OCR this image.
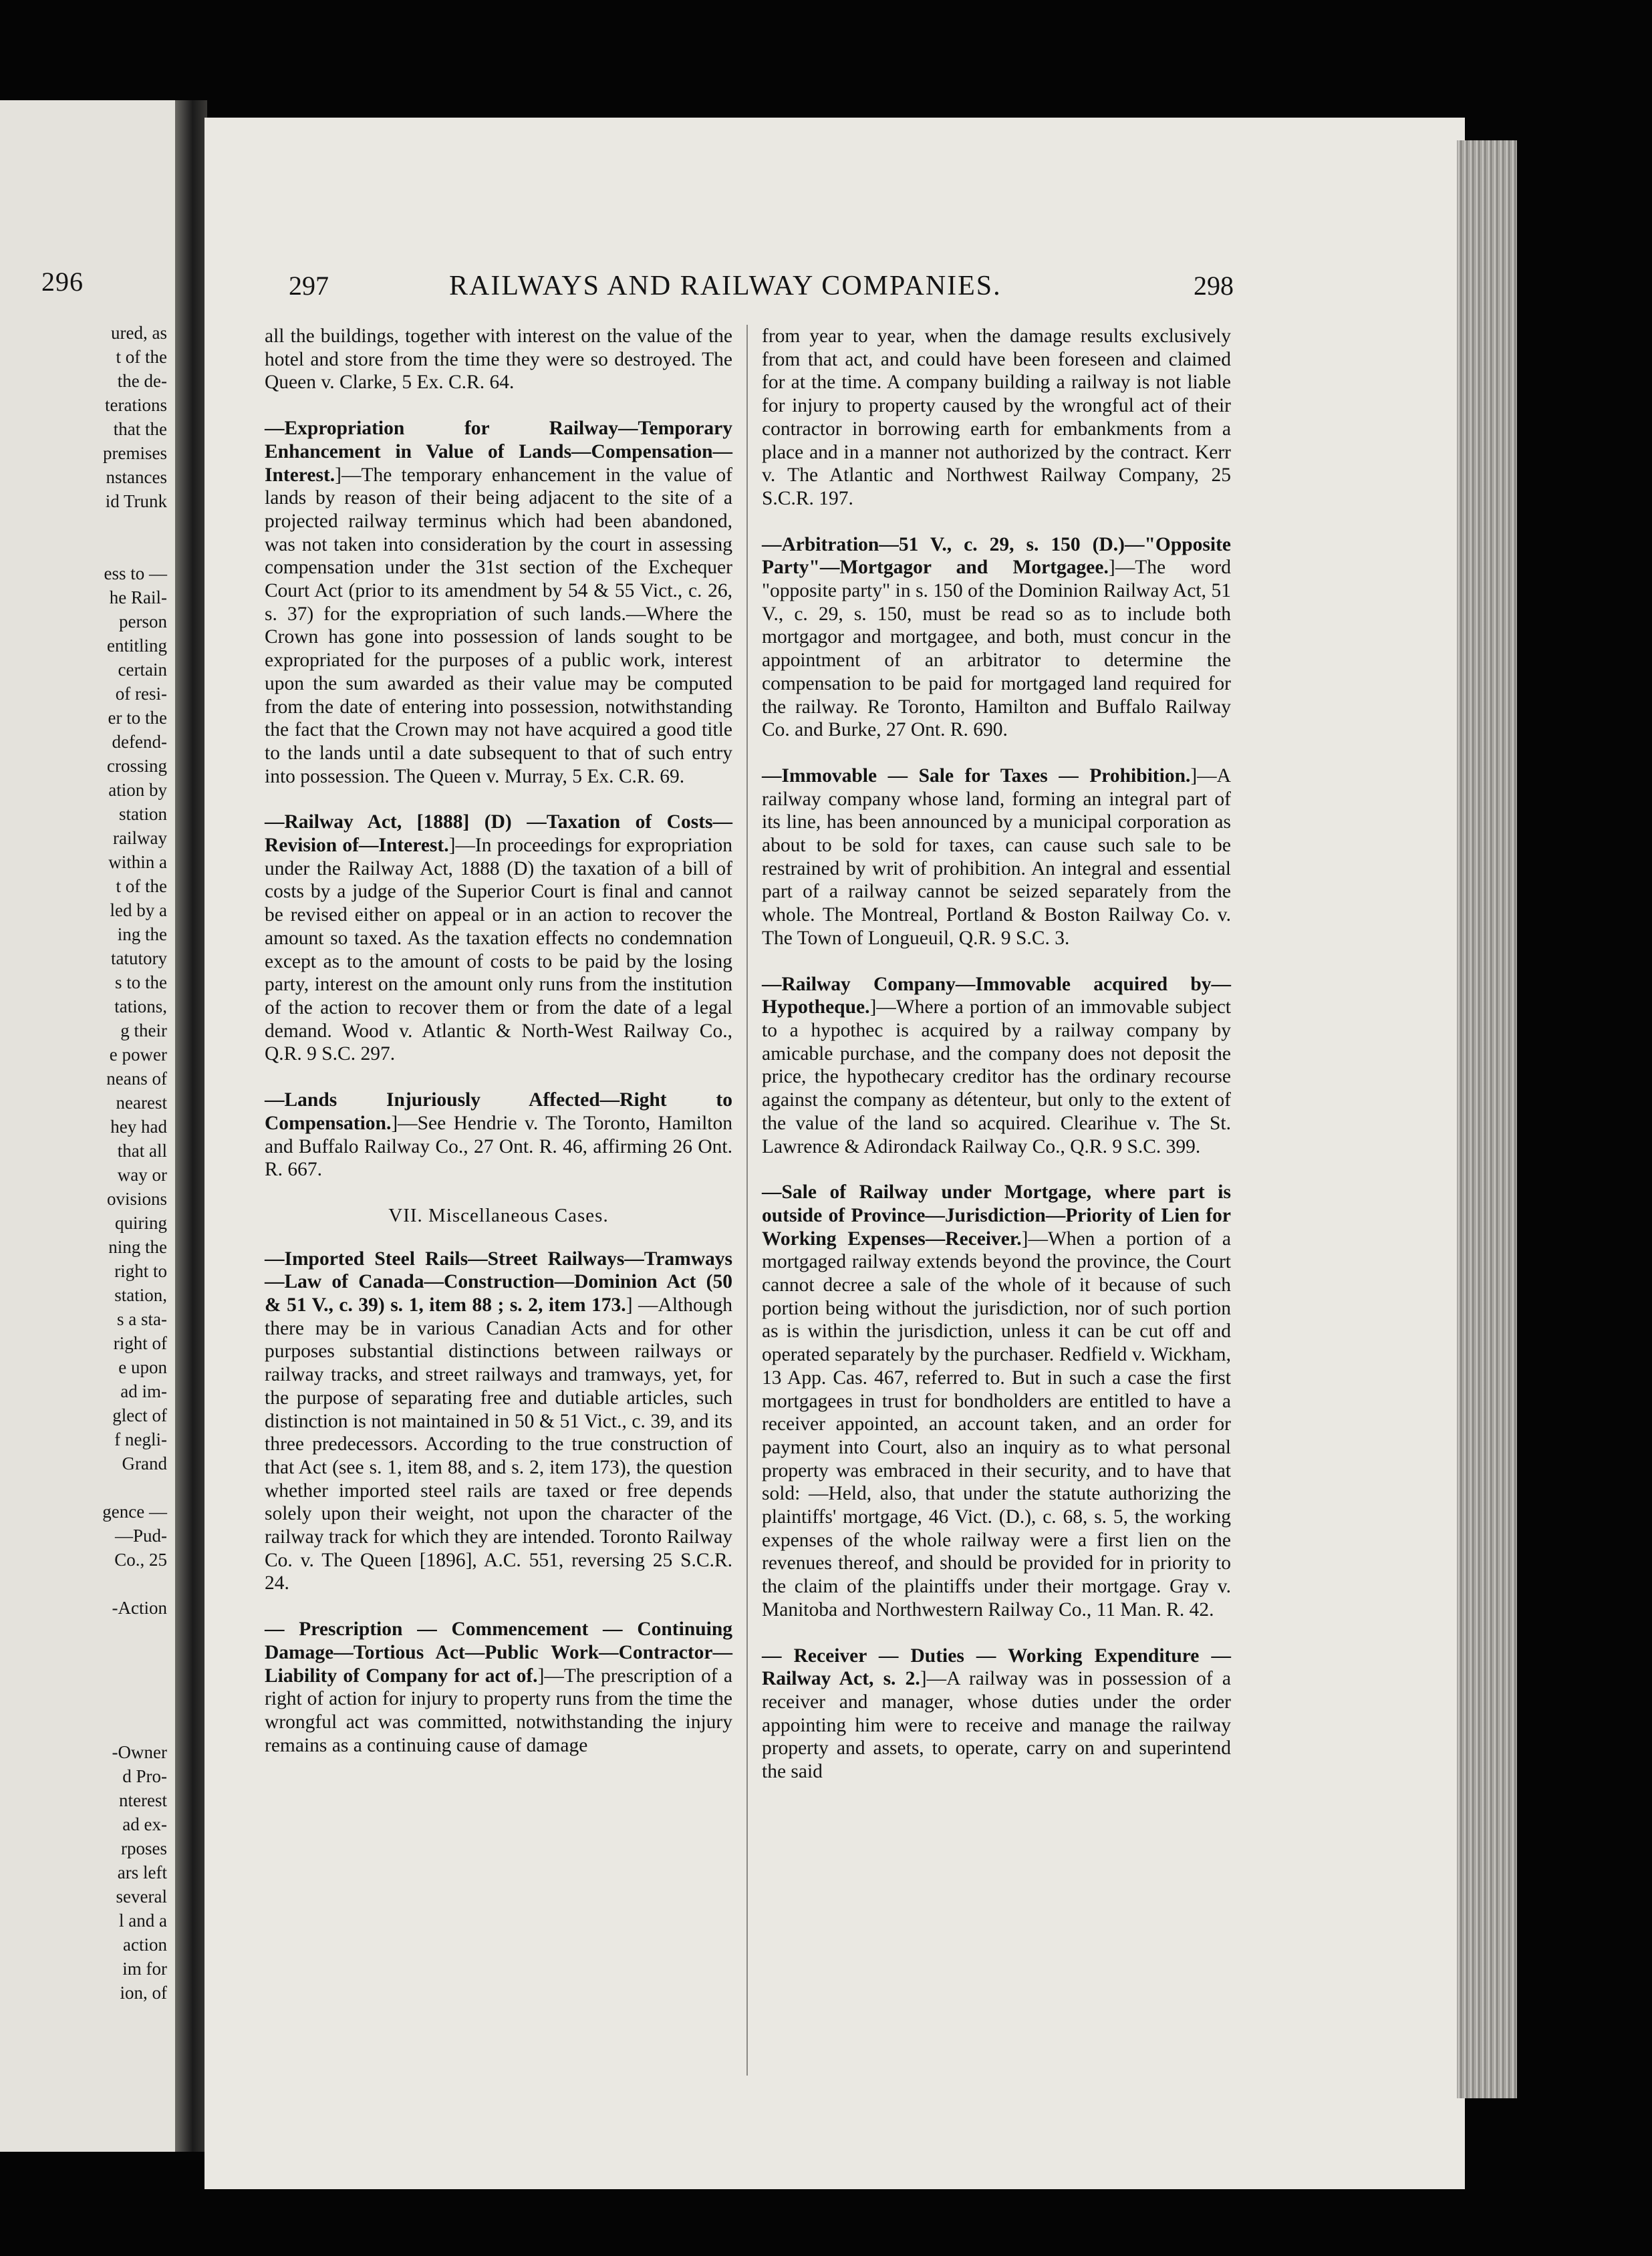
296
ured, as
t of the
the de-
terations
that the
premises
nstances
id Trunk
ess to —
he Rail-
person
entitling
certain
of resi-
er to the
defend-
crossing
ation by
station
railway
within a
t of the
led by a
ing the
tatutory
s to the
tations,
g their
e power
neans of
nearest
hey had
that all
way or
ovisions
quiring
ning the
right to
station,
s a sta-
right of
e upon
ad im-
glect of
f negli-
Grand
gence —
—Pud-
Co., 25
-Action
-Owner
d Pro-
nterest
ad ex-
rposes
ars left
several
l and a
action
im for
ion, of
297	RAILWAYS AND RAILWAY COMPANIES.	298

all the buildings, together with interest on the value of the hotel and store from the time they were so destroyed. The Queen v. Clarke, 5 Ex. C.R. 64.

—Expropriation for Railway—Temporary Enhancement in Value of Lands—Compensation—Interest.]—The temporary enhancement in the value of lands by reason of their being adjacent to the site of a projected railway terminus which had been abandoned, was not taken into consideration by the court in assessing compensation under the 31st section of the Exchequer Court Act (prior to its amendment by 54 & 55 Vict., c. 26, s. 37) for the expropriation of such lands.—Where the Crown has gone into possession of lands sought to be expropriated for the purposes of a public work, interest upon the sum awarded as their value may be computed from the date of entering into possession, notwithstanding the fact that the Crown may not have acquired a good title to the lands until a date subsequent to that of such entry into possession. The Queen v. Murray, 5 Ex. C.R. 69.

—Railway Act, [1888] (D) —Taxation of Costs—Revision of—Interest.]—In proceedings for expropriation under the Railway Act, 1888 (D) the taxation of a bill of costs by a judge of the Superior Court is final and cannot be revised either on appeal or in an action to recover the amount so taxed. As the taxation effects no condemnation except as to the amount of costs to be paid by the losing party, interest on the amount only runs from the institution of the action to recover them or from the date of a legal demand. Wood v. Atlantic & North-West Railway Co., Q.R. 9 S.C. 297.

—Lands Injuriously Affected—Right to Compensation.]—See Hendrie v. The Toronto, Hamilton and Buffalo Railway Co., 27 Ont. R. 46, affirming 26 Ont. R. 667.

VII. Miscellaneous Cases.

—Imported Steel Rails—Street Railways—Tramways—Law of Canada—Construction—Dominion Act (50 & 51 V., c. 39) s. 1, item 88 ; s. 2, item 173.] —Although there may be in various Canadian Acts and for other purposes substantial distinctions between railways or railway tracks, and street railways and tramways, yet, for the purpose of separating free and dutiable articles, such distinction is not maintained in 50 & 51 Vict., c. 39, and its three predecessors. According to the true construction of that Act (see s. 1, item 88, and s. 2, item 173), the question whether imported steel rails are taxed or free depends solely upon their weight, not upon the character of the railway track for which they are intended. Toronto Railway Co. v. The Queen [1896], A.C. 551, reversing 25 S.C.R. 24.

— Prescription — Commencement — Continuing Damage—Tortious Act—Public Work—Contractor—Liability of Company for act of.]—The prescription of a right of action for injury to property runs from the time the wrongful act was committed, notwithstanding the injury remains as a continuing cause of damage

from year to year, when the damage results exclusively from that act, and could have been foreseen and claimed for at the time. A company building a railway is not liable for injury to property caused by the wrongful act of their contractor in borrowing earth for embankments from a place and in a manner not authorized by the contract. Kerr v. The Atlantic and Northwest Railway Company, 25 S.C.R. 197.

—Arbitration—51 V., c. 29, s. 150 (D.)—"Opposite Party"—Mortgagor and Mortgagee.]—The word "opposite party" in s. 150 of the Dominion Railway Act, 51 V., c. 29, s. 150, must be read so as to include both mortgagor and mortgagee, and both, must concur in the appointment of an arbitrator to determine the compensation to be paid for mortgaged land required for the railway. Re Toronto, Hamilton and Buffalo Railway Co. and Burke, 27 Ont. R. 690.

—Immovable — Sale for Taxes — Prohibition.]—A railway company whose land, forming an integral part of its line, has been announced by a municipal corporation as about to be sold for taxes, can cause such sale to be restrained by writ of prohibition. An integral and essential part of a railway cannot be seized separately from the whole. The Montreal, Portland & Boston Railway Co. v. The Town of Longueuil, Q.R. 9 S.C. 3.

—Railway Company—Immovable acquired by—Hypotheque.]—Where a portion of an immovable subject to a hypothec is acquired by a railway company by amicable purchase, and the company does not deposit the price, the hypothecary creditor has the ordinary recourse against the company as détenteur, but only to the extent of the value of the land so acquired. Clearihue v. The St. Lawrence & Adirondack Railway Co., Q.R. 9 S.C. 399.

—Sale of Railway under Mortgage, where part is outside of Province—Jurisdiction—Priority of Lien for Working Expenses—Receiver.]—When a portion of a mortgaged railway extends beyond the province, the Court cannot decree a sale of the whole of it because of such portion being without the jurisdiction, nor of such portion as is within the jurisdiction, unless it can be cut off and operated separately by the purchaser. Redfield v. Wickham, 13 App. Cas. 467, referred to. But in such a case the first mortgagees in trust for bondholders are entitled to have a receiver appointed, an account taken, and an order for payment into Court, also an inquiry as to what personal property was embraced in their security, and to have that sold: —Held, also, that under the statute authorizing the plaintiffs' mortgage, 46 Vict. (D.), c. 68, s. 5, the working expenses of the whole railway were a first lien on the revenues thereof, and should be provided for in priority to the claim of the plaintiffs under their mortgage. Gray v. Manitoba and Northwestern Railway Co., 11 Man. R. 42.

— Receiver — Duties — Working Expenditure — Railway Act, s. 2.]—A railway was in possession of a receiver and manager, whose duties under the order appointing him were to receive and manage the railway property and assets, to operate, carry on and superintend the said
